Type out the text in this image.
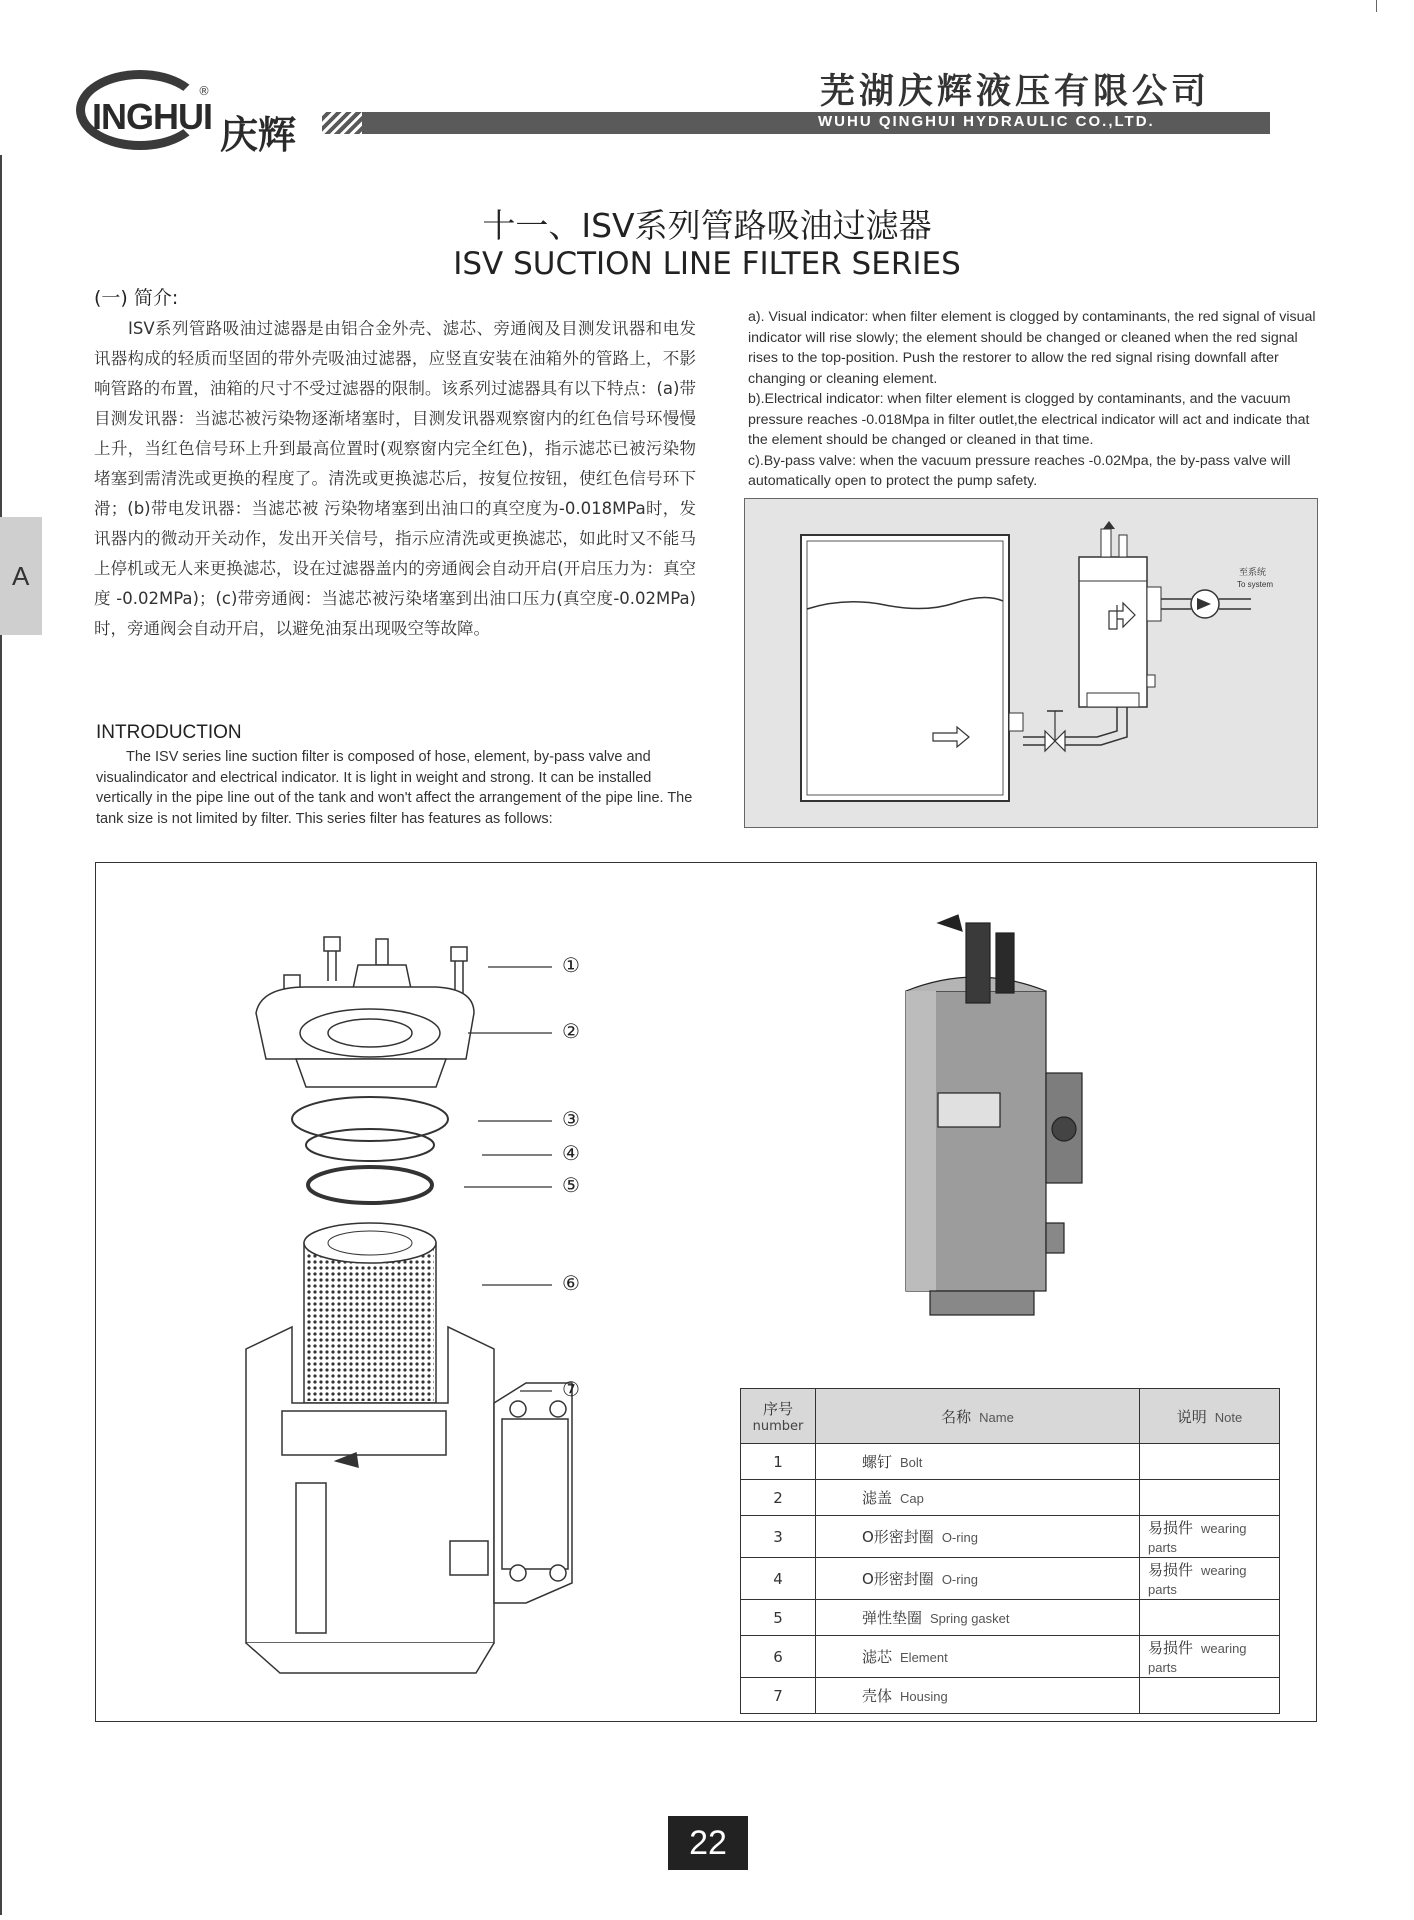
INGHUI
®
庆辉
芜湖庆辉液压有限公司
WUHU QINGHUI HYDRAULIC CO.,LTD.
A
十一、ISV系列管路吸油过滤器
ISV SUCTION LINE FILTER SERIES
(一) 简介:
ISV系列管路吸油过滤器是由铝合金外壳、滤芯、旁通阀及目测发讯器和电发讯器构成的轻质而坚固的带外壳吸油过滤器，应竖直安装在油箱外的管路上，不影响管路的布置，油箱的尺寸不受过滤器的限制。该系列过滤器具有以下特点：(a)带目测发讯器：当滤芯被污染物逐渐堵塞时，目测发讯器观察窗内的红色信号环慢慢上升，当红色信号环上升到最高位置时(观察窗内完全红色)，指示滤芯已被污染物堵塞到需清洗或更换的程度了。清洗或更换滤芯后，按复位按钮，使红色信号环下滑；(b)带电发讯器：当滤芯被 污染物堵塞到出油口的真空度为-0.018MPa时，发讯器内的微动开关动作，发出开关信号，指示应清洗或更换滤芯，如此时又不能马上停机或无人来更换滤芯，设在过滤器盖内的旁通阀会自动开启(开启压力为：真空度 -0.02MPa)；(c)带旁通阀：当滤芯被污染堵塞到出油口压力(真空度-0.02MPa)时，旁通阀会自动开启，以避免油泵出现吸空等故障。
INTRODUCTION
The ISV series line suction filter is composed of hose, element, by-pass valve and visualindicator and electrical indicator. It is light in weight and strong. It can be installed vertically in the pipe line out of the tank and won't affect the arrangement of the pipe line. The tank size is not limited by filter. This series filter has features as follows:

a). Visual indicator: when filter element is clogged by contaminants, the red signal of visual indicator will rise slowly; the element should be changed or cleaned when the red signal rises to the top-position. Push the restorer to allow the red signal rising downfall after changing or cleaning element.

b).Electrical indicator: when filter element is clogged by contaminants, and the vacuum pressure reaches -0.018Mpa in filter outlet,the electrical indicator will act and indicate that the element should be changed or cleaned in that time.

c).By-pass valve: when the vacuum pressure reaches -0.02Mpa, the by-pass valve will automatically open to protect the pump safety.

至系统
To system
①
②
③
④
⑤
⑥
⑦
序号
number	名称 Name	说明 Note
1	螺钉 Bolt	
2	滤盖 Cap	
3	O形密封圈 O-ring	易损件 wearing parts
4	O形密封圈 O-ring	易损件 wearing parts
5	弹性垫圈 Spring gasket	
6	滤芯 Element	易损件 wearing parts
7	壳体 Housing	
22
